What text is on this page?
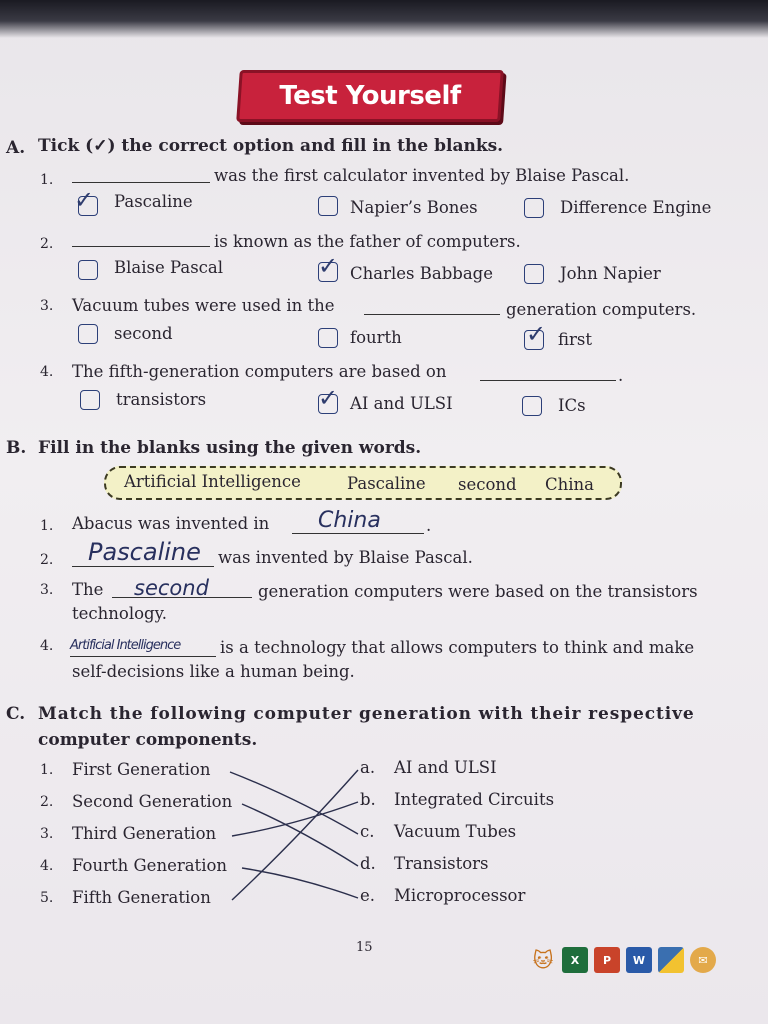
Test Yourself
A. Tick (✓) the correct option and fill in the blanks.
1.	was the first calculator invented by Blaise Pascal.
✓ Pascaline	Napier’s Bones	Difference Engine
2.	is known as the father of computers.
Blaise Pascal	✓ Charles Babbage	John Napier
3. Vacuum tubes were used in the	generation computers.
second	fourth	✓ first
4. The fifth-generation computers are based on	.
transistors	✓ AI and ULSI	ICs
B. Fill in the blanks using the given words.
Artificial Intelligence	Pascaline second China
1. Abacus was invented in China	.
2. Pascaline was invented by Blaise Pascal.
3. The second	generation computers were based on the transistors
technology.
4. Artificial Intelligence is a technology that allows computers to think and make
self-decisions like a human being.
C. Match the following computer generation with their respective
computer components.
1. First Generation
2. Second Generation
3. Third Generation
4. Fourth Generation
5. Fifth Generation
a. AI and ULSI
b. Integrated Circuits
c. Vacuum Tubes
d. Transistors
e. Microprocessor
15
🐱	X	P	W	✉
